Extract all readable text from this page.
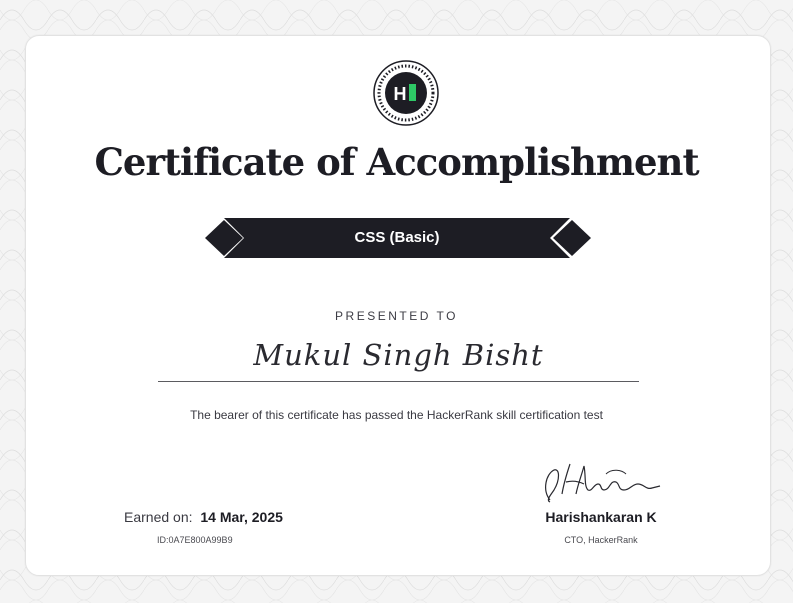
H
Certificate of Accomplishment
CSS (Basic)
PRESENTED TO
Mukul Singh Bisht
The bearer of this certificate has passed the HackerRank skill certification test
Earned on: 14 Mar, 2025
ID:0A7E800A99B9
Harishankaran K
CTO, HackerRank
